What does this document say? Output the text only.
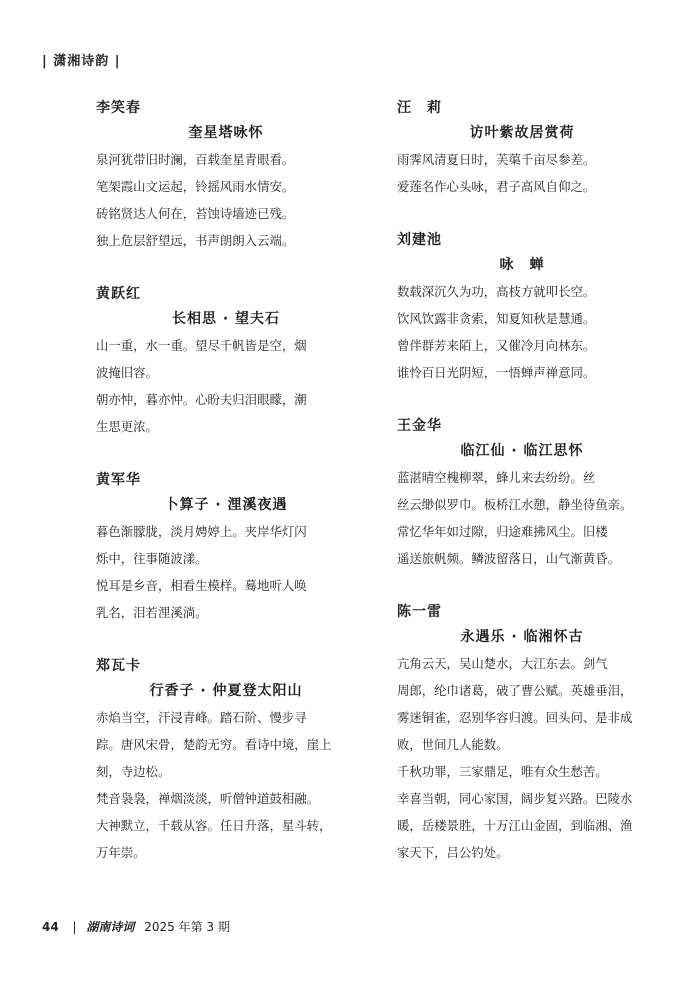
| 潇湘诗韵 |
李笑春
奎星塔咏怀
泉河犹带旧时澜，百载奎星青眼看。
笔架霞山文运起，铃摇风雨水情安。
砖铭贤达人何在，苔蚀诗墙迹已残。
独上危层舒望远，书声朗朗入云端。
黄跃红
长相思 · 望夫石
山一重，水一重。望尽千帆皆是空，烟
波掩旧容。
朝亦忡，暮亦忡。心盼夫归泪眼矇，潮
生思更浓。
黄军华
卜算子 · 浬溪夜遇
暮色渐朦胧，淡月娉婷上。夹岸华灯闪
烁中，往事随波漾。
悦耳是乡音，相看生模样。蓦地听人唤
乳名，泪若浬溪淌。
郑瓦卡
行香子 · 仲夏登太阳山
赤焰当空，汗浸青峰。踏石阶、慢步寻
踪。唐风宋骨，楚韵无穷。看诗中境，崖上
刻，寺边松。
梵音袅袅，禅烟淡淡，听僧钟道鼓相融。
大神默立，千载从容。任日升落，星斗转，
万年崇。
汪　莉
访叶紫故居赏荷
雨霁风清夏日时，芙蕖千亩尽参差。
爱莲名作心头咏，君子高风自仰之。
刘建池
咏　蝉
数载深沉久为功，高枝方就叩长空。
饮风饮露非贪索，知夏知秋是慧通。
曾伴群芳来陌上，又催冷月向林东。
谁怜百日光阴短，一悟蝉声禅意同。
王金华
临江仙 · 临江思怀
蓝湛晴空槐柳翠，蜂儿来去纷纷。丝
丝云缈似罗巾。板桥江水憩，静坐待鱼亲。
常忆华年如过隙，归途难拂风尘。旧楼
遥送旅帆频。鳞波留落日，山气渐黄昏。
陈一雷
永遇乐 · 临湘怀古
亢角云天，吴山楚水，大江东去。剑气
周郎，纶巾诸葛，破了曹公赋。英雄垂泪，
雾迷铜雀，忍别华容归渡。回头问、是非成
败，世间几人能数。
千秋功罪，三家鼎足，唯有众生愁苦。
幸喜当朝，同心家国，阔步复兴路。巴陵水
暖，岳楼景胜，十万江山金固，到临湘、渔
家天下，吕公钓处。
44 | 湖南诗词 2025 年第 3 期
